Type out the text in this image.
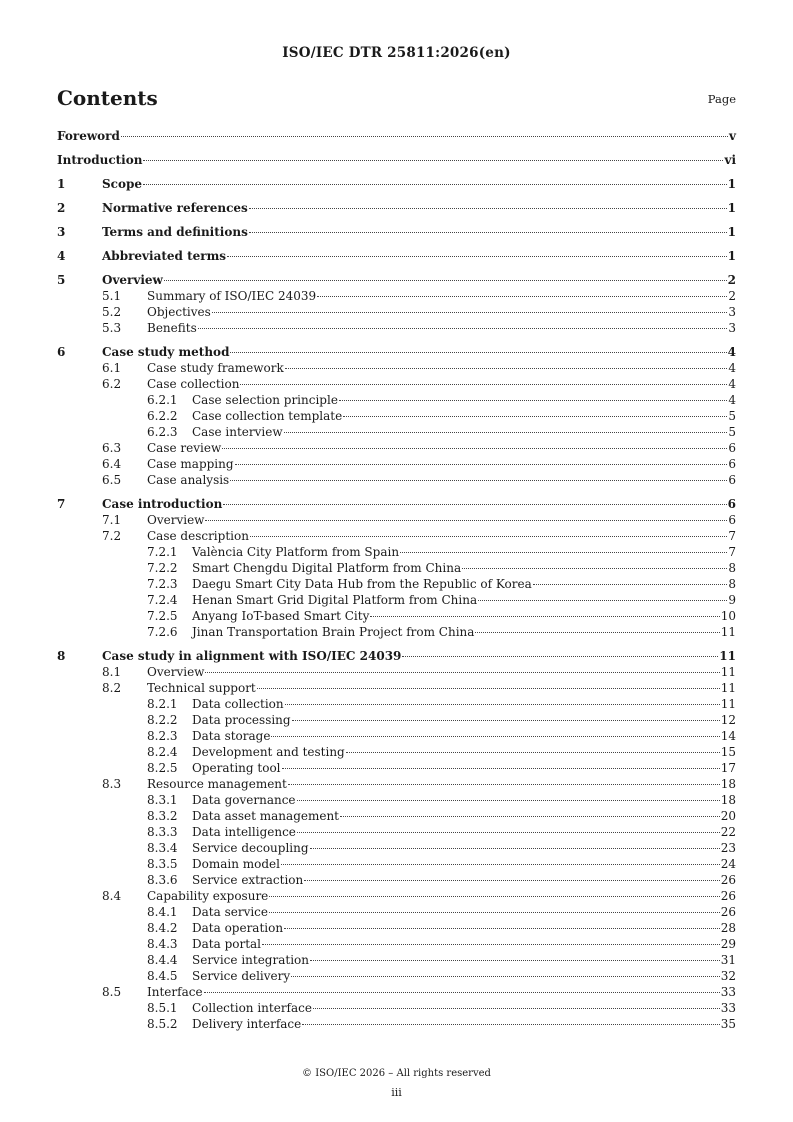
ISO/IEC DTR 25811:2026(en)
Contents	Page
Foreword	v
Introduction	vi
1	Scope	1
2	Normative references	1
3	Terms and definitions	1
4	Abbreviated terms	1
5	Overview	2
5.1	Summary of ISO/IEC 24039	2
5.2	Objectives	3
5.3	Benefits	3
6	Case study method	4
6.1	Case study framework	4
6.2	Case collection	4
6.2.1	Case selection principle	4
6.2.2	Case collection template	5
6.2.3	Case interview	5
6.3	Case review	6
6.4	Case mapping	6
6.5	Case analysis	6
7	Case introduction	6
7.1	Overview	6
7.2	Case description	7
7.2.1	València City Platform from Spain	7
7.2.2	Smart Chengdu Digital Platform from China	8
7.2.3	Daegu Smart City Data Hub from the Republic of Korea	8
7.2.4	Henan Smart Grid Digital Platform from China	9
7.2.5	Anyang IoT-based Smart City	10
7.2.6	Jinan Transportation Brain Project from China	11
8	Case study in alignment with ISO/IEC 24039	11
8.1	Overview	11
8.2	Technical support	11
8.2.1	Data collection	11
8.2.2	Data processing	12
8.2.3	Data storage	14
8.2.4	Development and testing	15
8.2.5	Operating tool	17
8.3	Resource management	18
8.3.1	Data governance	18
8.3.2	Data asset management	20
8.3.3	Data intelligence	22
8.3.4	Service decoupling	23
8.3.5	Domain model	24
8.3.6	Service extraction	26
8.4	Capability exposure	26
8.4.1	Data service	26
8.4.2	Data operation	28
8.4.3	Data portal	29
8.4.4	Service integration	31
8.4.5	Service delivery	32
8.5	Interface	33
8.5.1	Collection interface	33
8.5.2	Delivery interface	35
© ISO/IEC 2026 – All rights reserved
iii
